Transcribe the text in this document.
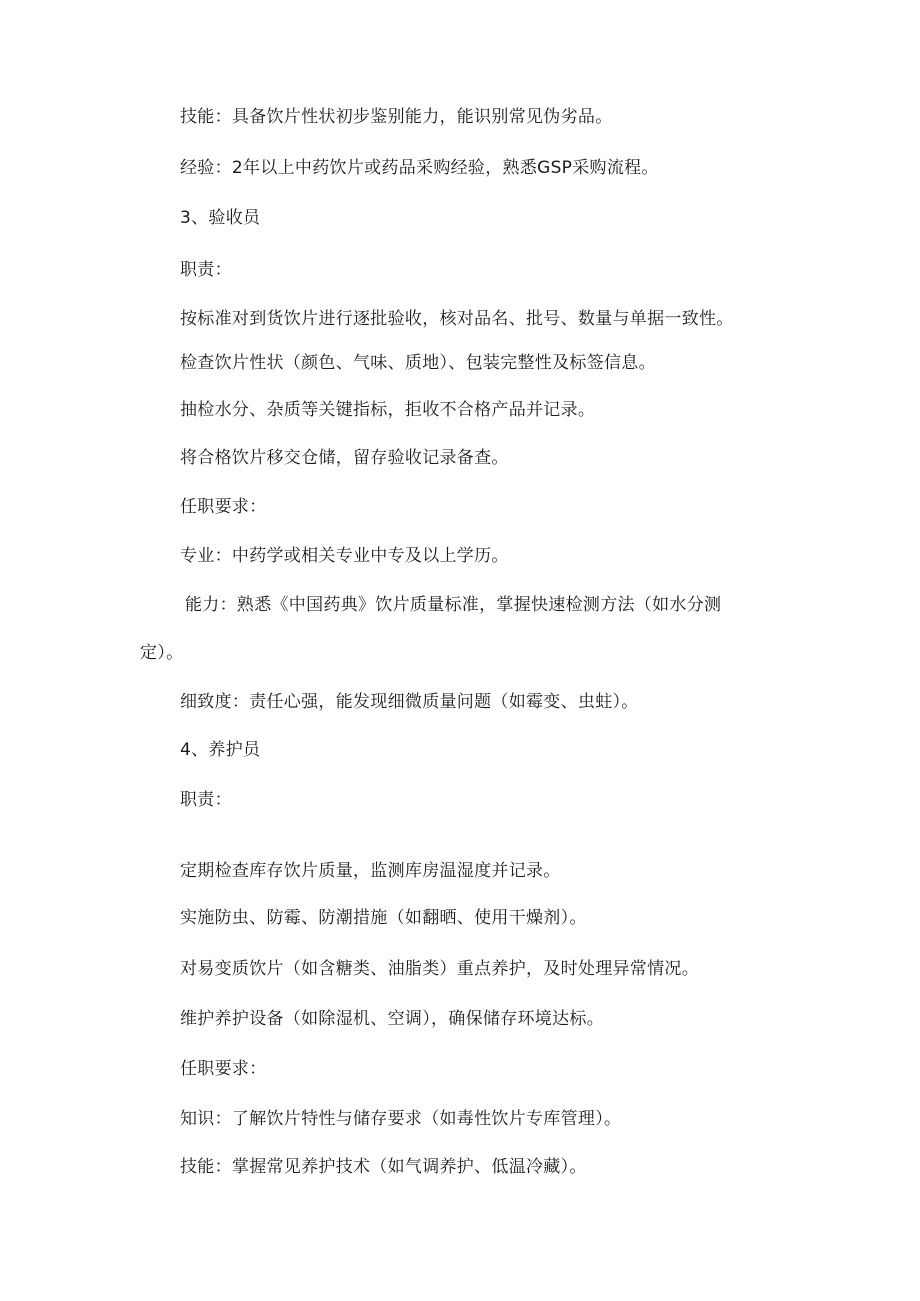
技能：具备饮片性状初步鉴别能力，能识别常见伪劣品。
经验：2年以上中药饮片或药品采购经验，熟悉GSP采购流程。
3、验收员
职责：
按标准对到货饮片进行逐批验收，核对品名、批号、数量与单据一致性。
检查饮片性状（颜色、气味、质地）、包装完整性及标签信息。
抽检水分、杂质等关键指标，拒收不合格产品并记录。
将合格饮片移交仓储，留存验收记录备查。
任职要求：
专业：中药学或相关专业中专及以上学历。
能力：熟悉《中国药典》饮片质量标准，掌握快速检测方法（如水分测
定）。
细致度：责任心强，能发现细微质量问题（如霉变、虫蛀）。
4、养护员
职责：
定期检查库存饮片质量，监测库房温湿度并记录。
实施防虫、防霉、防潮措施（如翻晒、使用干燥剂）。
对易变质饮片（如含糖类、油脂类）重点养护，及时处理异常情况。
维护养护设备（如除湿机、空调），确保储存环境达标。
任职要求：
知识：了解饮片特性与储存要求（如毒性饮片专库管理）。
技能：掌握常见养护技术（如气调养护、低温冷藏）。
